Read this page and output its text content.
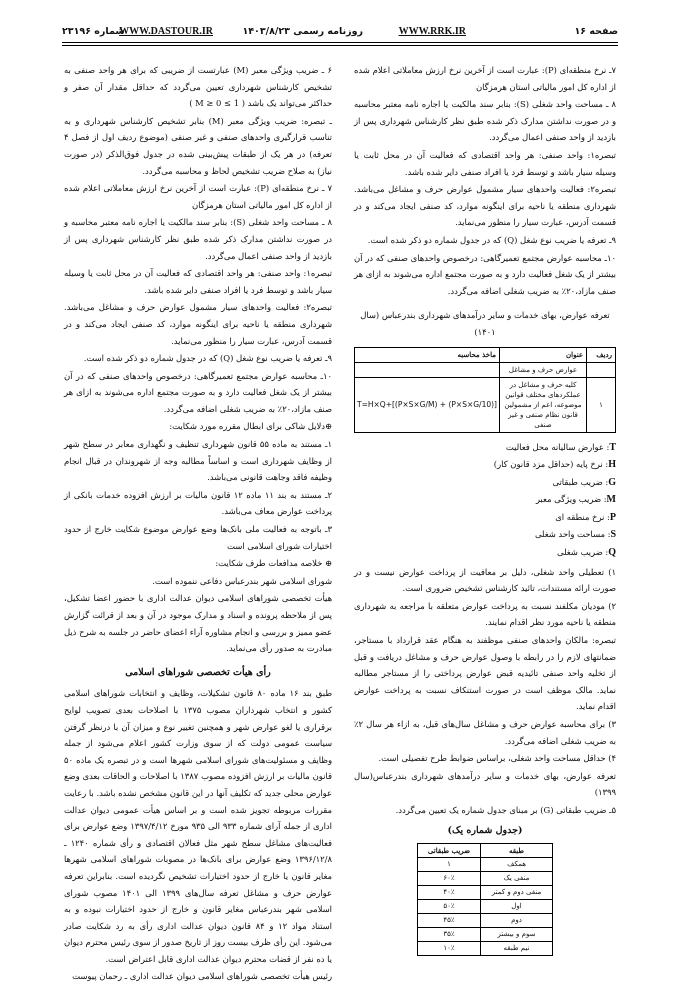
صفحه ۱۶
WWW.RRK.IR
روزنامه رسمی ۱۴۰۳/۸/۲۳
WWW.DASTOUR.IR
شماره ۲۳۱۹۶

۷ـ نرخ منطقه‌ای (P): عبارت است از آخرین نرخ ارزش معاملاتی اعلام شده از اداره کل امور مالیاتی استان هرمزگان

۸ ـ مساحت واحد شغلی (S): بنابر سند مالکیت یا اجاره نامه معتبر محاسبه و در صورت نداشتن مدارک ذکر شده طبق نظر کارشناس شهرداری پس از بازدید از واحد صنفی اعمال می‌گردد.

تبصره۱: واحد صنفی: هر واحد اقتصادی که فعالیت آن در محل ثابت یا وسیله سیار باشد و توسط فرد یا افراد صنفی دایر شده باشد.

تبصره۲: فعالیت واحدهای سیار مشمول عوارض حرف و مشاغل می‌باشد. شهرداری منطقه یا ناحیه برای اینگونه موارد، کد صنفی ایجاد می‌کند و در قسمت آدرس، عبارت سیار را منظور می‌نماید.

۹ـ تعرفه یا ضریب نوع شغل (Q) که در جدول شماره دو ذکر شده است.

۱۰ـ محاسبه عوارض مجتمع تعمیرگاهی: درخصوص واحدهای صنفی که در آن بیشتر از یک شغل فعالیت دارد و به صورت مجتمع اداره می‌شوند به ازای هر صنف مازاد،۲۰٪ به ضریب شغلی اضافه می‌گردد.

تعرفه عوارض، بهای خدمات و سایر درآمدهای شهرداری بندرعباس (سال ۱۴۰۱)

ردیف	عنوان	ماخذ محاسبه
	عوارض حرف و مشاغل	
۱	کلیه حرف و مشاغل در عملکردهای مختلف قوانین موضوعه، اعم از مشمولین قانون نظام صنفی و غیر صنفی	T=H×Q+[(P×S×G/M) + (P×S×G/10)]
T: عوارض سالیانه محل فعالیت
H: نرخ پایه (حداقل مزد قانون کار)
G: ضریب طبقاتی
M: ضریب ویژگی معبر
P: نرخ منطقه ای
S: مساحت واحد شغلی
Q: ضریب شغلی

۱) تعطیلی واحد شغلی، دلیل بر معافیت از پرداخت عوارض نیست و در صورت ارائه مستندات، تائید کارشناس تشخیص ضروری است.

۲) مودیان مکلفند نسبت به پرداخت عوارض متعلقه با مراجعه به شهرداری منطقه یا ناحیه مورد نظر اقدام نمایند.

تبصره: مالکان واحدهای صنفی موظفند به هنگام عقد قرارداد با مستاجر، ضمانتهای لازم را در رابطه با وصول عوارض حرف و مشاغل دریافت و قبل از تخلیه واحد صنفی تائیدیه قبض عوارض پرداختی را از مستاجر مطالبه نماید. مالک موظف است در صورت استنکاف نسبت به پرداخت عوارض اقدام نماید.

۳) برای محاسبه عوارض حرف و مشاغل سال‌های قبل، به ازاء هر سال ۲٪ به ضریب شغلی اضافه می‌گردد.

۴) حداقل مساحت واحد شغلی، براساس ضوابط طرح تفصیلی است.

تعرفه عوارض، بهای خدمات و سایر درآمدهای شهرداری بندرعباس(سال ۱۳۹۹)

۵ـ ضریب طبقاتی (G) بر مبنای جدول شماره یک تعیین می‌گردد.

(جدول شماره یک)

طبقه	ضریب طبقاتی
همکف	۱
منفی یک	۶۰٪
منفی دوم و کمتر	۴۰٪
اول	۵۰٪
دوم	۴۵٪
سوم و بیشتر	۳۵٪
نیم طبقه	۱۰٪

۶ ـ ضریب ویژگی معبر (M) عبارتست از ضریبی که برای هر واحد صنفی به تشخیص کارشناس شهرداری تعیین می‌گردد که حداقل مقدار آن صفر و حداکثر می‌تواند یک باشد ( 1 ≥ M ≥ 0 )

ـ تبصره: ضریب ویژگی معبر (M) بنابر تشخیص کارشناس شهرداری و به تناسب قرارگیری واحدهای صنفی و غیر صنفی (موضوع ردیف اول از فصل ۴ تعرفه) در هر یک از طبقات پیش‌بینی شده در جدول فوق‌الذکر (در صورت نیاز) به صلاح ضریب تشخیص لحاظ و محاسبه می‌گردد.

۷ ـ نرخ منطقه‌ای (P): عبارت است از آخرین نرخ ارزش معاملاتی اعلام شده از اداره کل امور مالیاتی استان هرمزگان

۸ ـ مساحت واحد شغلی (S): بنابر سند مالکیت یا اجاره نامه معتبر محاسبه و در صورت نداشتن مدارک ذکر شده طبق نظر کارشناس شهرداری پس از بازدید از واحد صنفی اعمال می‌گردد.

تبصره۱: واحد صنفی: هر واحد اقتصادی که فعالیت آن در محل ثابت یا وسیله سیار باشد و توسط فرد یا افراد صنفی دایر شده باشد.

تبصره۲: فعالیت واحدهای سیار مشمول عوارض حرف و مشاغل می‌باشد. شهرداری منطقه یا ناحیه برای اینگونه موارد، کد صنفی ایجاد می‌کند و در قسمت آدرس، عبارت سیار را منظور می‌نماید.

۹ـ تعرفه یا ضریب نوع شغل (Q) که در جدول شماره دو ذکر شده است.

۱۰ـ محاسبه عوارض مجتمع تعمیرگاهی: درخصوص واحدهای صنفی که در آن بیشتر از یک شغل فعالیت دارد و به صورت مجتمع اداره می‌شوند به ازای هر صنف مازاد،۲۰٪ به ضریب شغلی اضافه می‌گردد.

⊕دلایل شاکی برای ابطال مقرره مورد شکایت:

۱ـ مستند به ماده ۵۵ قانون شهرداری تنظیف و نگهداری معابر در سطح شهر از وظایف شهرداری است و اساساً مطالبه وجه از شهروندان در قبال انجام وظیفه فاقد وجاهت قانونی می‌باشد.

۲ـ مستند به بند ۱۱ ماده ۱۲ قانون مالیات بر ارزش افزوده خدمات بانکی از پرداخت عوارض معاف می‌باشد.

۳ـ باتوجه به فعالیت ملی بانک‌ها وضع عوارض موضوع شکایت خارج از حدود اختیارات شورای اسلامی است

⊕ خلاصه مدافعات طرف شکایت:

شورای اسلامی شهر بندرعباس دفاعی ننموده است.

هیأت تخصصی شوراهای اسلامی دیوان عدالت اداری با حضور اعضا تشکیل، پس از ملاحظه پرونده و اسناد و مدارک موجود در آن و بعد از قرائت گزارش عضو ممیز و بررسی و انجام مشاوره آراء اعضای حاضر در جلسه به شرح ذیل مبادرت به صدور رأی می‌نماید.

رأی هیأت تخصصی شوراهای اسلامی

طبق بند ۱۶ ماده ۸۰ قانون تشکیلات، وظایف و انتخابات شوراهای اسلامی کشور و انتخاب شهرداران مصوب ۱۳۷۵ با اصلاحات بعدی تصویب لوایح برقراری یا لغو عوارض شهر و همچنین تغییر نوع و میزان آن با درنظر گرفتن سیاست عمومی دولت که از سوی وزارت کشور اعلام می‌شود از جمله وظایف و مسئولیت‌های شورای اسلامی شهرها است و در تبصره یک ماده ۵۰ قانون مالیات بر ارزش افزوده مصوب ۱۳۸۷ با اصلاحات و الحاقات بعدی وضع عوارض محلی جدید که تکلیف آنها در این قانون مشخص نشده باشد. با رعایت مقررات مربوطه تجویز شده است و بر اساس هیأت عمومی دیوان عدالت اداری از جمله آرای شماره ۹۳۳ الی ۹۳۵ مورخ ۱۳۹۷/۴/۱۲ وضع عوارض برای فعالیت‌های مشاغل سطح شهر مثل فعالان اقتصادی و رأی شماره ۱۲۴۰ ـ ۱۳۹۶/۱۲/۸ وضع عوارض برای بانک‌ها در مصوبات شوراهای اسلامی شهرها مغایر قانون یا خارج از حدود اختیارات تشخیص نگردیده است. بنابراین تعرفه عوارض حرف و مشاغل تعرفه سال‌های ۱۳۹۹ الی ۱۴۰۱ مصوب شورای اسلامی شهر بندرعباس مغایر قانون و خارج از حدود اختیارات نبوده و به استناد مواد ۱۲ و ۸۴ قانون دیوان عدالت اداری رأی به رد شکایت صادر می‌شود. این رأی ظرف بیست روز از تاریخ صدور از سوی رئیس محترم دیوان یا ده نفر از قضات محترم دیوان عدالت اداری قابل اعتراض است.

رئیس هیأت تخصصی شوراهای اسلامی دیوان عدالت اداری ـ رحمان پیوست
